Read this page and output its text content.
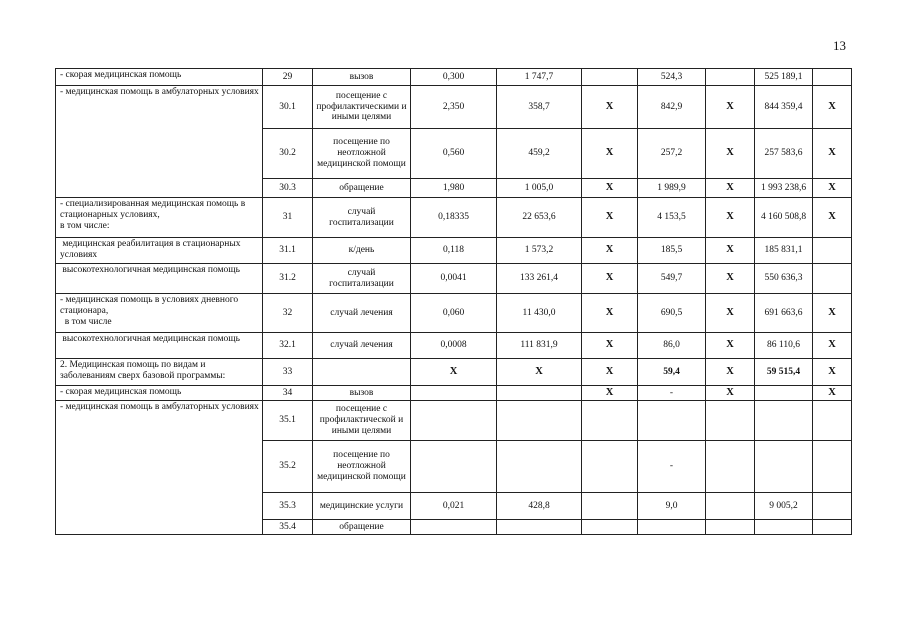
13
- скорая медицинская помощь	29	вызов	0,300	1 747,7		524,3		525 189,1	
- медицинская помощь в амбулаторных условиях	30.1	посещение с профилактическими и иными целями	2,350	358,7	Х	842,9	Х	844 359,4	Х
	30.2	посещение по неотложной медицинской помощи	0,560	459,2	Х	257,2	Х	257 583,6	Х
	30.3	обращение	1,980	1 005,0	Х	1 989,9	Х	1 993 238,6	Х
- специализированная медицинская помощь в стационарных условиях,
в том числе:	31	случай госпитализации	0,18335	22 653,6	Х	4 153,5	Х	4 160 508,8	Х
медицинская реабилитация в стационарных условиях	31.1	к/день	0,118	1 573,2	Х	185,5	Х	185 831,1	
высокотехнологичная медицинская помощь	31.2	случай госпитализации	0,0041	133 261,4	Х	549,7	Х	550 636,3	
- медицинская помощь в условиях дневного стационара,
в том числе	32	случай лечения	0,060	11 430,0	Х	690,5	Х	691 663,6	Х
высокотехнологичная медицинская помощь	32.1	случай лечения	0,0008	111 831,9	Х	86,0	Х	86 110,6	Х
2. Медицинская помощь по видам и заболеваниям сверх базовой программы:	33		Х	Х	Х	59,4	Х	59 515,4	Х
- скорая медицинская помощь	34	вызов			Х	-	Х		Х
- медицинская помощь в амбулаторных условиях	35.1	посещение с профилактической и иными целями							
	35.2	посещение по неотложной медицинской помощи				-			
	35.3	медицинские услуги	0,021	428,8		9,0		9 005,2	
	35.4	обращение							
